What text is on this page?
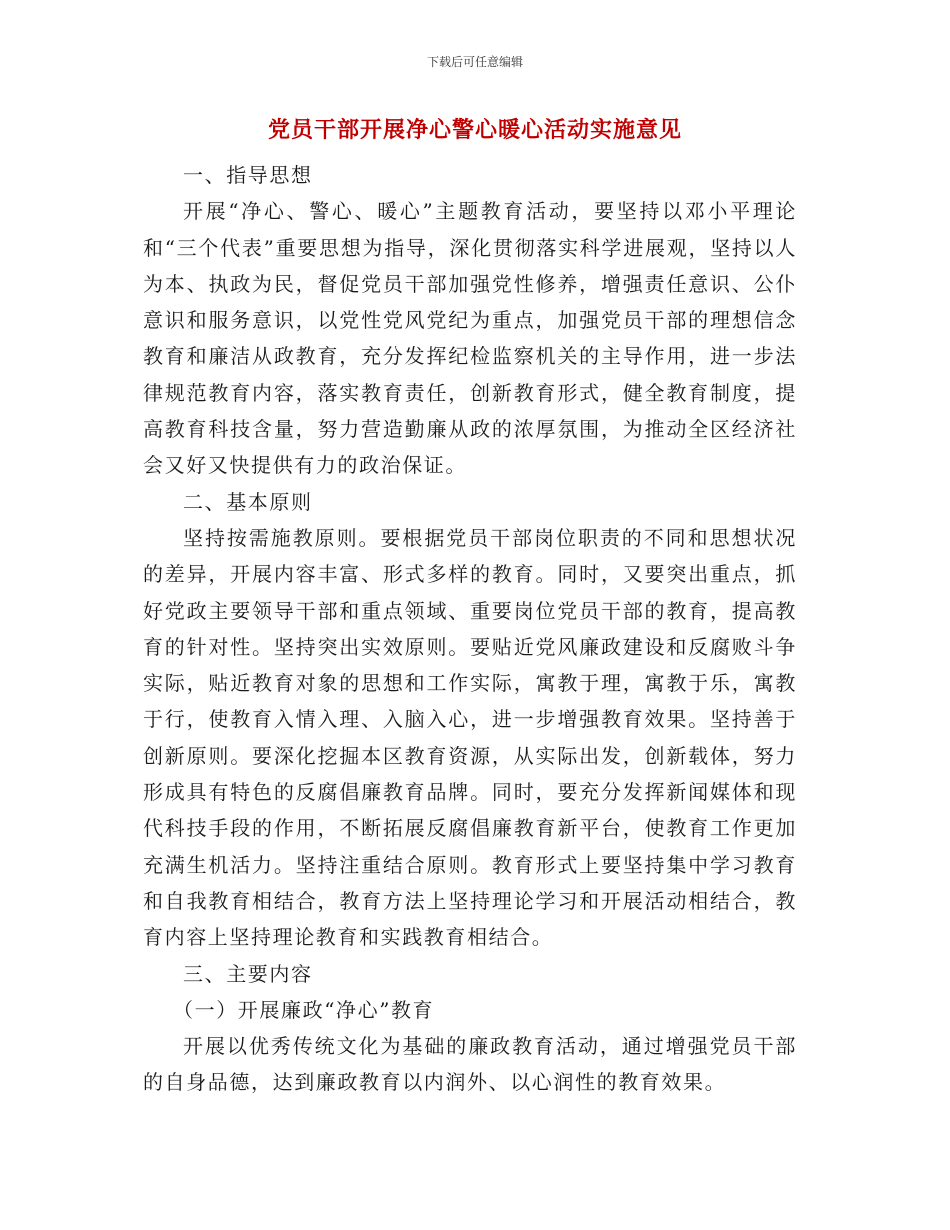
下载后可任意编辑
党员干部开展净心警心暖心活动实施意见

一、指导思想

开展“净心、警心、暖心”主题教育活动，要坚持以邓小平理论和“三个代表”重要思想为指导，深化贯彻落实科学进展观，坚持以人为本、执政为民，督促党员干部加强党性修养，增强责任意识、公仆意识和服务意识，以党性党风党纪为重点，加强党员干部的理想信念教育和廉洁从政教育，充分发挥纪检监察机关的主导作用，进一步法律规范教育内容，落实教育责任，创新教育形式，健全教育制度，提高教育科技含量，努力营造勤廉从政的浓厚氛围，为推动全区经济社会又好又快提供有力的政治保证。

二、基本原则

坚持按需施教原则。要根据党员干部岗位职责的不同和思想状况的差异，开展内容丰富、形式多样的教育。同时，又要突出重点，抓好党政主要领导干部和重点领域、重要岗位党员干部的教育，提高教育的针对性。坚持突出实效原则。要贴近党风廉政建设和反腐败斗争实际，贴近教育对象的思想和工作实际，寓教于理，寓教于乐，寓教于行，使教育入情入理、入脑入心，进一步增强教育效果。坚持善于创新原则。要深化挖掘本区教育资源，从实际出发，创新载体，努力形成具有特色的反腐倡廉教育品牌。同时，要充分发挥新闻媒体和现代科技手段的作用，不断拓展反腐倡廉教育新平台，使教育工作更加充满生机活力。坚持注重结合原则。教育形式上要坚持集中学习教育和自我教育相结合，教育方法上坚持理论学习和开展活动相结合，教育内容上坚持理论教育和实践教育相结合。

三、主要内容

（一）开展廉政“净心”教育

开展以优秀传统文化为基础的廉政教育活动，通过增强党员干部的自身品德，达到廉政教育以内润外、以心润性的教育效果。
